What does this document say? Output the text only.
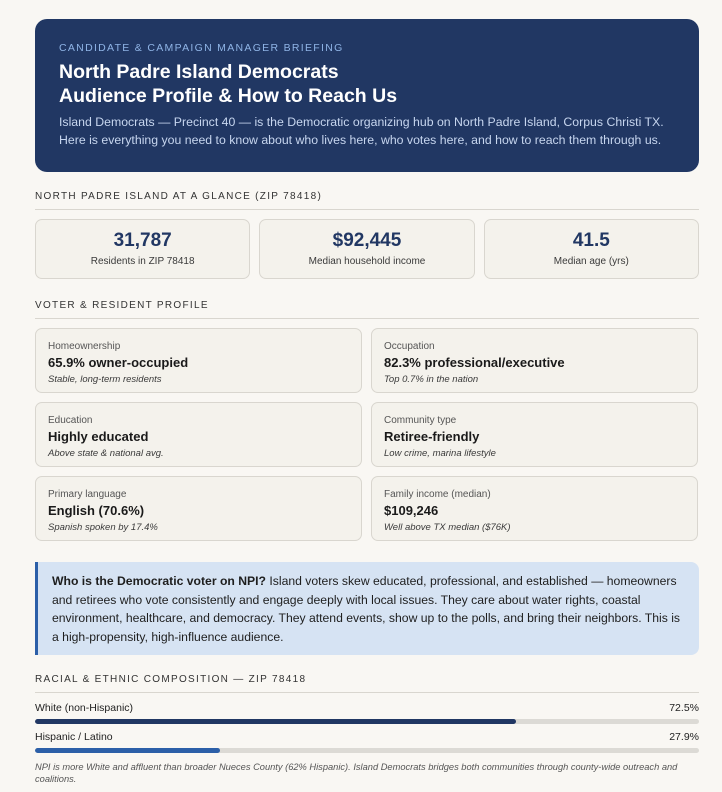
CANDIDATE & CAMPAIGN MANAGER BRIEFING
North Padre Island Democrats
Audience Profile & How to Reach Us

Island Democrats — Precinct 40 — is the Democratic organizing hub on North Padre Island, Corpus Christi TX. Here is everything you need to know about who lives here, who votes here, and how to reach them through us.

NORTH PADRE ISLAND AT A GLANCE (ZIP 78418)
31,787
Residents in ZIP 78418
$92,445
Median household income
41.5
Median age (yrs)
VOTER & RESIDENT PROFILE
Homeownership
65.9% owner-occupied
Stable, long-term residents
Occupation
82.3% professional/executive
Top 0.7% in the nation
Education
Highly educated
Above state & national avg.
Community type
Retiree-friendly
Low crime, marina lifestyle
Primary language
English (70.6%)
Spanish spoken by 17.4%
Family income (median)
$109,246
Well above TX median ($76K)
Who is the Democratic voter on NPI? Island voters skew educated, professional, and established — homeowners and retirees who vote consistently and engage deeply with local issues. They care about water rights, coastal environment, healthcare, and democracy. They attend events, show up to the polls, and bring their neighbors. This is a high-propensity, high-influence audience.
RACIAL & ETHNIC COMPOSITION — ZIP 78418
White (non-Hispanic)	72.5%
Hispanic / Latino	27.9%
NPI is more White and affluent than broader Nueces County (62% Hispanic). Island Democrats bridges both communities through county-wide outreach and coalitions.
